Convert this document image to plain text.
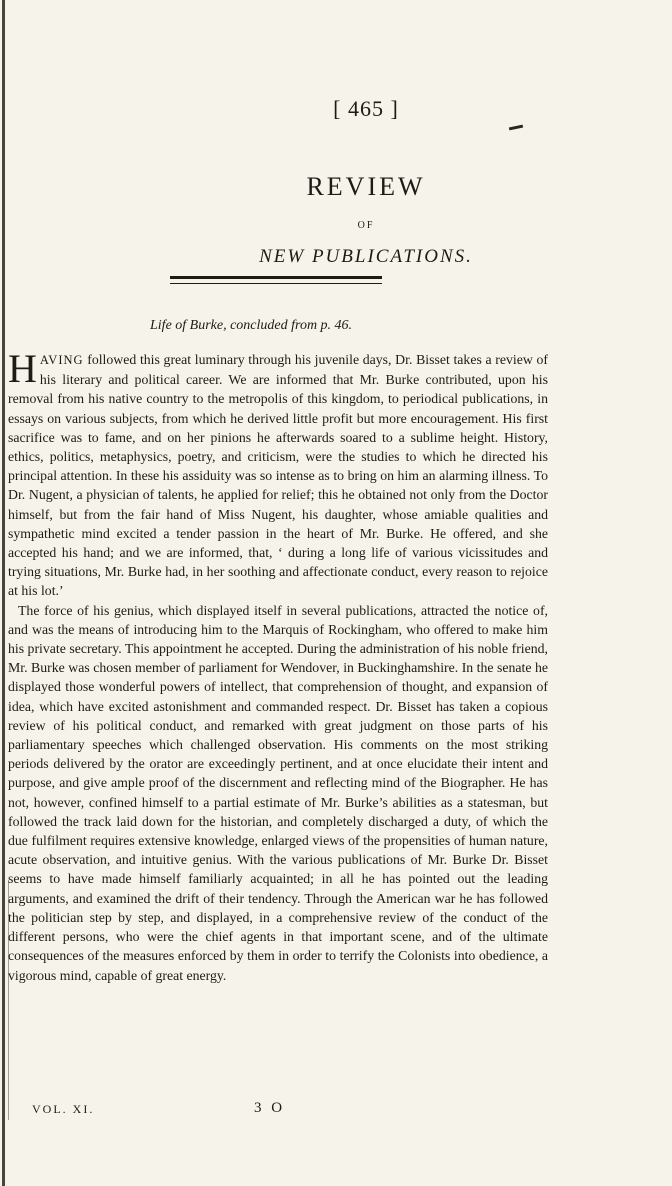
[ 465 ]
REVIEW
OF
NEW PUBLICATIONS.
Life of Burke, concluded from p. 46.

HAVING followed this great luminary through his juvenile days, Dr. Bisset takes a review of his literary and political career. We are informed that Mr. Burke contributed, upon his removal from his native country to the metropolis of this kingdom, to periodical publications, in essays on various subjects, from which he derived little profit but more encouragement. His first sacrifice was to fame, and on her pinions he afterwards soared to a sublime height. History, ethics, politics, metaphysics, poetry, and criticism, were the studies to which he directed his principal attention. In these his assiduity was so intense as to bring on him an alarming illness. To Dr. Nugent, a physician of talents, he applied for relief; this he obtained not only from the Doctor himself, but from the fair hand of Miss Nugent, his daughter, whose amiable qualities and sympathetic mind excited a tender passion in the heart of Mr. Burke. He offered, and she accepted his hand; and we are informed, that, ‘ during a long life of various vicissitudes and trying situations, Mr. Burke had, in her soothing and affectionate conduct, every reason to rejoice at his lot.’

The force of his genius, which displayed itself in several publications, attracted the notice of, and was the means of introducing him to the Marquis of Rockingham, who offered to make him his private secretary. This appointment he accepted. During the administration of his noble friend, Mr. Burke was chosen member of parliament for Wendover, in Buckinghamshire. In the senate he displayed those wonderful powers of intellect, that comprehension of thought, and expansion of idea, which have excited astonishment and commanded respect. Dr. Bisset has taken a copious review of his political conduct, and remarked with great judgment on those parts of his parliamentary speeches which challenged observation. His comments on the most striking periods delivered by the orator are exceedingly pertinent, and at once elucidate their intent and purpose, and give ample proof of the discernment and reflecting mind of the Biographer. He has not, however, confined himself to a partial estimate of Mr. Burke’s abilities as a statesman, but followed the track laid down for the historian, and completely discharged a duty, of which the due fulfilment requires extensive knowledge, enlarged views of the propensities of human nature, acute observation, and intuitive genius. With the various publications of Mr. Burke Dr. Bisset seems to have made himself familiarly acquainted; in all he has pointed out the leading arguments, and examined the drift of their tendency. Through the American war he has followed the politician step by step, and displayed, in a comprehensive review of the conduct of the different persons, who were the chief agents in that important scene, and of the ultimate consequences of the measures enforced by them in order to terrify the Colonists into obedience, a vigorous mind, capable of great energy.

VOL. XI.	3 O
